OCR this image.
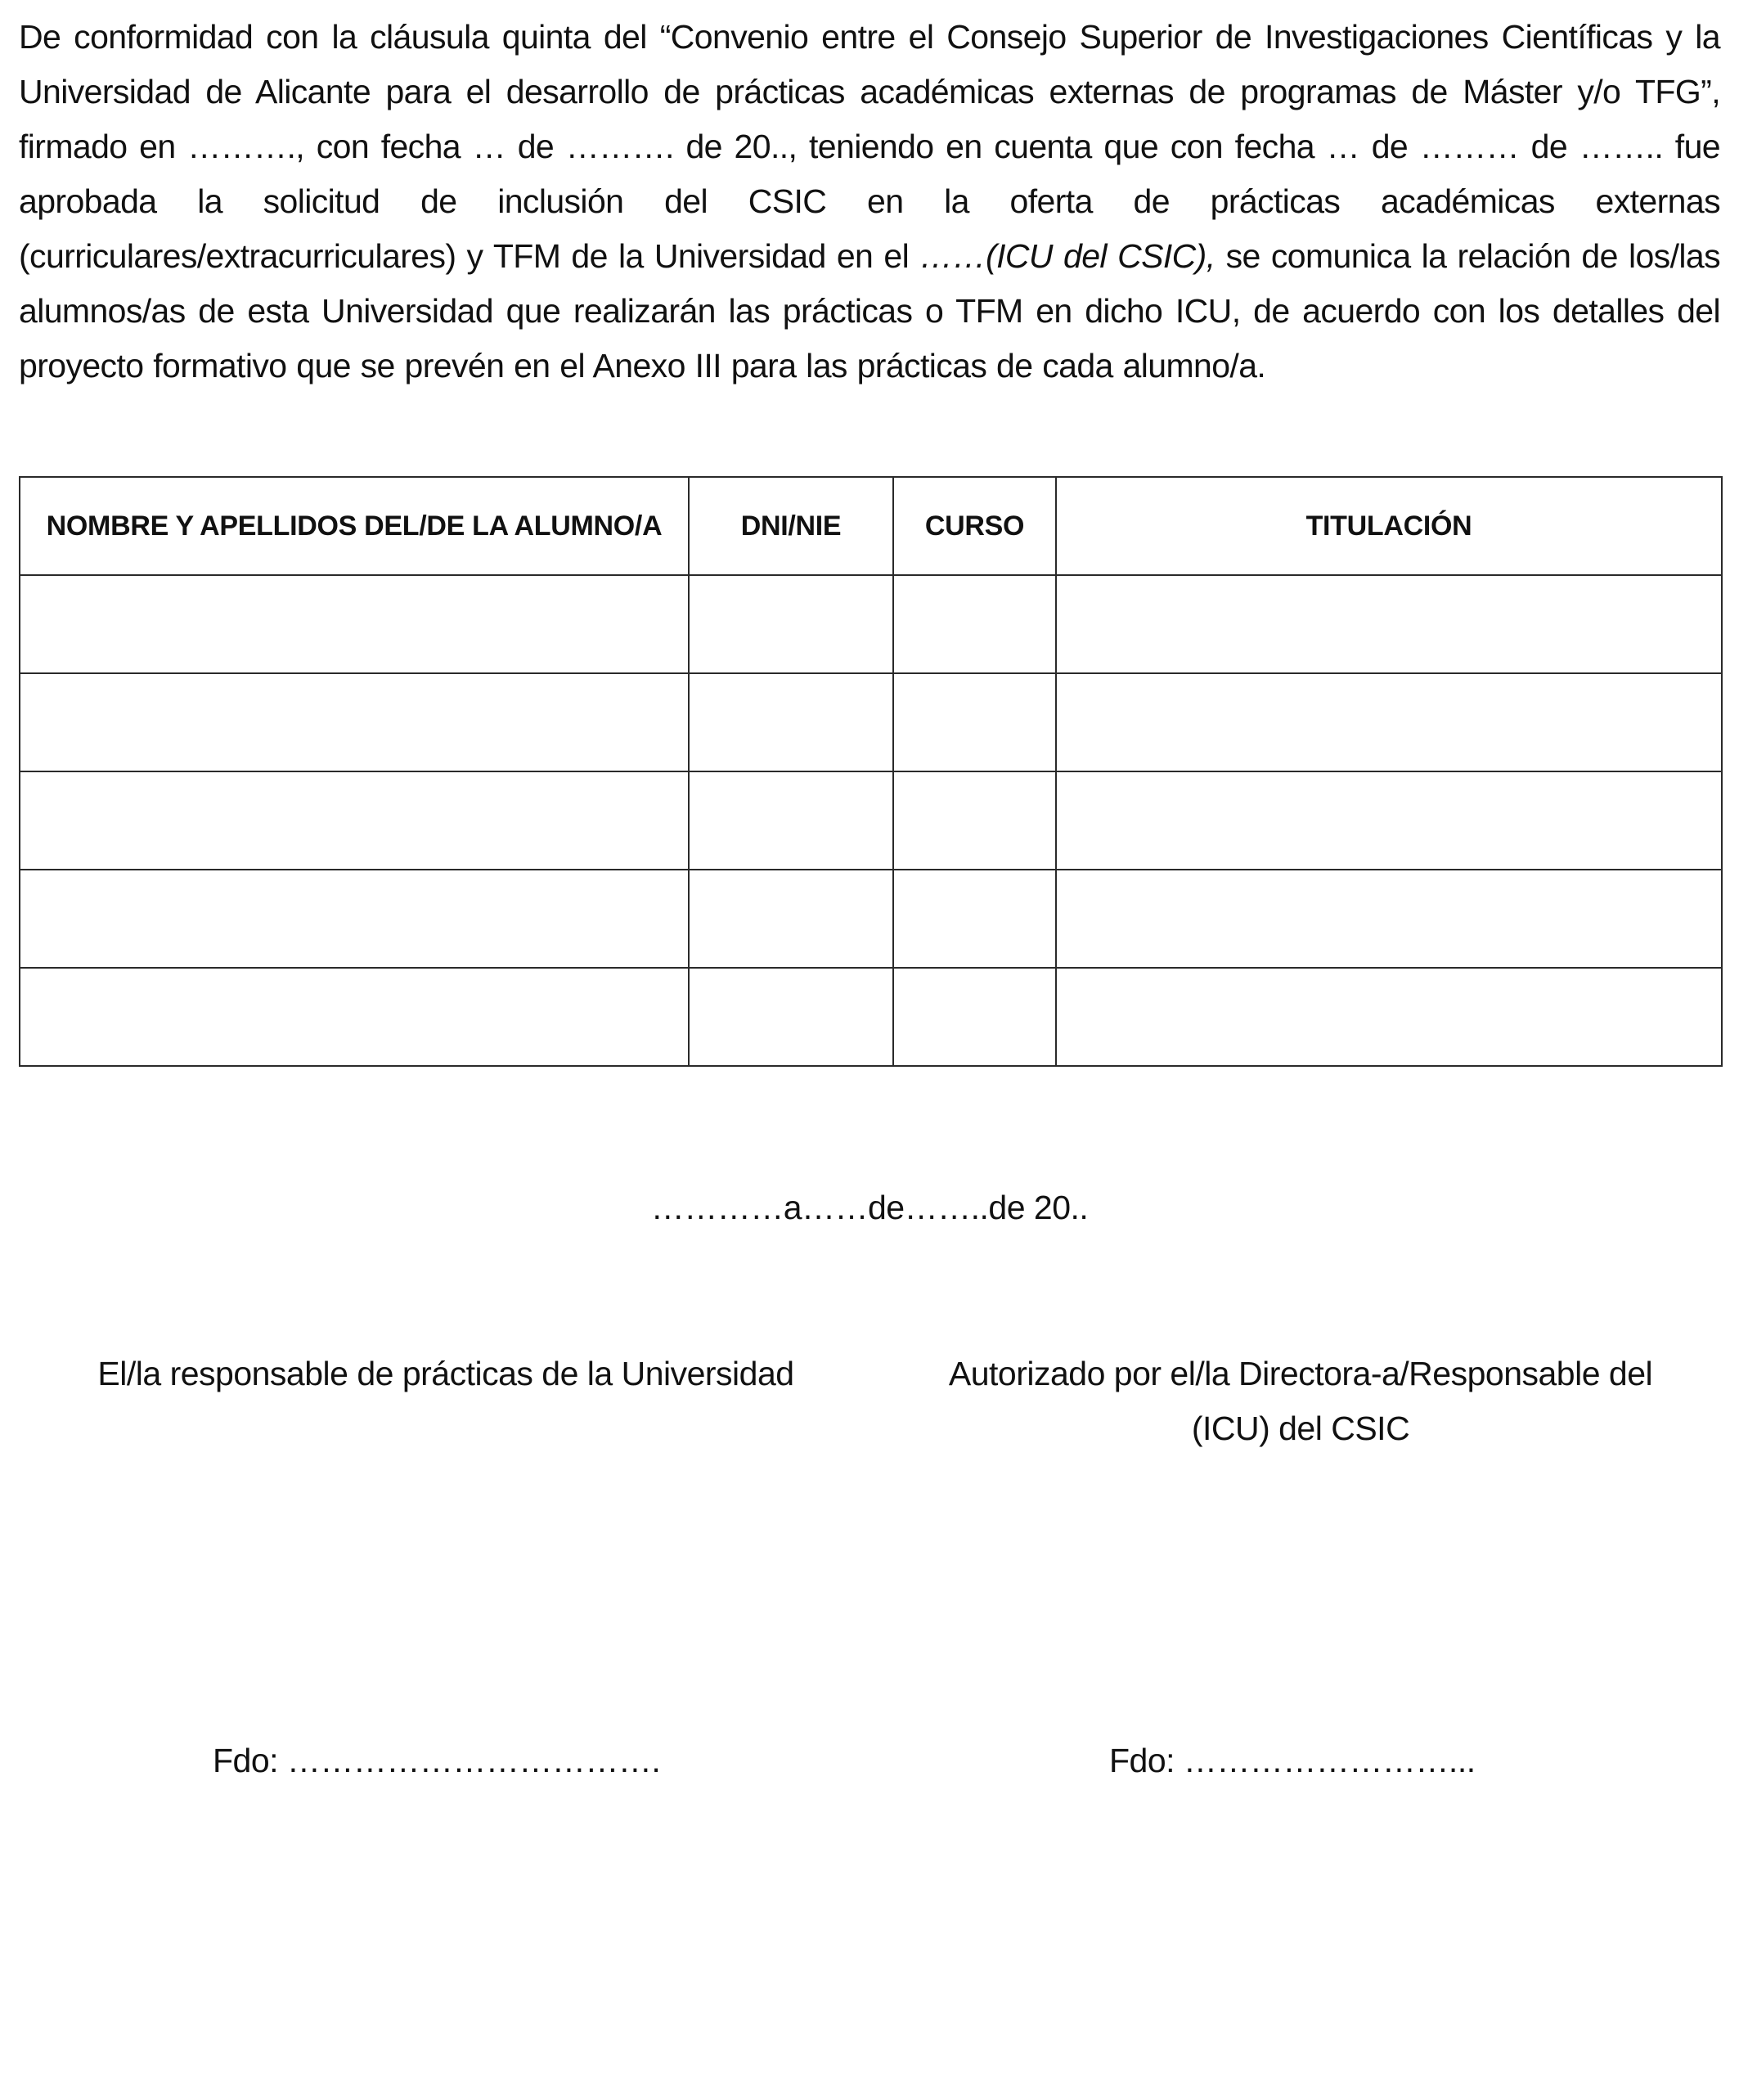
De conformidad con la cláusula quinta del “Convenio entre el Consejo Superior de Investigaciones Científicas y la Universidad de Alicante para el desarrollo de prácticas académicas externas de programas de Máster y/o TFG”, firmado en ………., con fecha … de ………. de 20.., teniendo en cuenta que con fecha … de ……… de …….. fue aprobada la solicitud de inclusión del CSIC en la oferta de prácticas académicas externas (curriculares/extracurriculares) y TFM de la Universidad en el ……(ICU del CSIC), se comunica la relación de los/las alumnos/as de esta Universidad que realizarán las prácticas o TFM en dicho ICU, de acuerdo con los detalles del proyecto formativo que se prevén en el Anexo III para las prácticas de cada alumno/a.

NOMBRE Y APELLIDOS DEL/DE LA ALUMNO/A	DNI/NIE	CURSO	TITULACIÓN

…………a……de……..de 20..

El/la responsable de prácticas de la Universidad	Autorizado por el/la Directora-a/Responsable del
(ICU) del CSIC

Fdo: …………………………….	Fdo: ……………………...
